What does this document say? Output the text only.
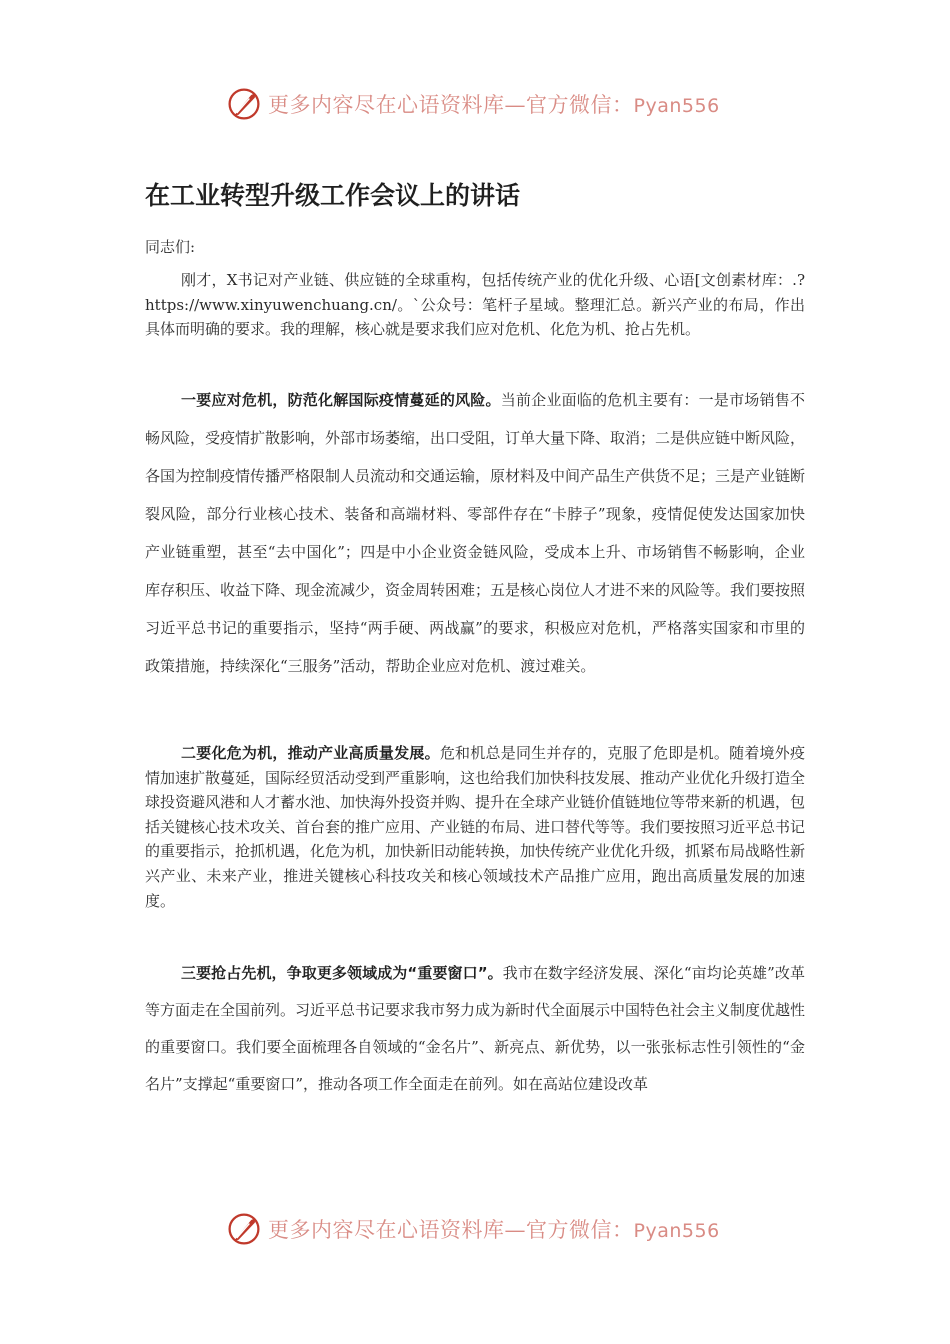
更多内容尽在心语资料库—官方微信：Pyan556
在工业转型升级工作会议上的讲话

同志们:

刚才，X书记对产业链、供应链的全球重构，包括传统产业的优化升级、心语[文创素材库：.?https://www.xinyuwenchuang.cn/。`公众号：笔杆子星域。整理汇总。新兴产业的布局，作出具体而明确的要求。我的理解，核心就是要求我们应对危机、化危为机、抢占先机。

一要应对危机，防范化解国际疫情蔓延的风险。当前企业面临的危机主要有：一是市场销售不畅风险，受疫情扩散影响，外部市场萎缩，出口受阻，订单大量下降、取消；二是供应链中断风险，各国为控制疫情传播严格限制人员流动和交通运输，原材料及中间产品生产供货不足；三是产业链断裂风险，部分行业核心技术、装备和高端材料、零部件存在“卡脖子”现象，疫情促使发达国家加快产业链重塑，甚至“去中国化”；四是中小企业资金链风险，受成本上升、市场销售不畅影响，企业库存积压、收益下降、现金流减少，资金周转困难；五是核心岗位人才进不来的风险等。我们要按照习近平总书记的重要指示，坚持“两手硬、两战赢”的要求，积极应对危机，严格落实国家和市里的政策措施，持续深化“三服务”活动，帮助企业应对危机、渡过难关。

二要化危为机，推动产业高质量发展。危和机总是同生并存的，克服了危即是机。随着境外疫情加速扩散蔓延，国际经贸活动受到严重影响，这也给我们加快科技发展、推动产业优化升级打造全球投资避风港和人才蓄水池、加快海外投资并购、提升在全球产业链价值链地位等带来新的机遇，包括关键核心技术攻关、首台套的推广应用、产业链的布局、进口替代等等。我们要按照习近平总书记的重要指示，抢抓机遇，化危为机，加快新旧动能转换，加快传统产业优化升级，抓紧布局战略性新兴产业、未来产业，推进关键核心科技攻关和核心领域技术产品推广应用，跑出高质量发展的加速度。

三要抢占先机，争取更多领域成为“重要窗口”。我市在数字经济发展、深化“亩均论英雄”改革等方面走在全国前列。习近平总书记要求我市努力成为新时代全面展示中国特色社会主义制度优越性的重要窗口。我们要全面梳理各自领域的“金名片”、新亮点、新优势，以一张张标志性引领性的“金名片”支撑起“重要窗口”，推动各项工作全面走在前列。如在高站位建设改革

更多内容尽在心语资料库—官方微信：Pyan556
